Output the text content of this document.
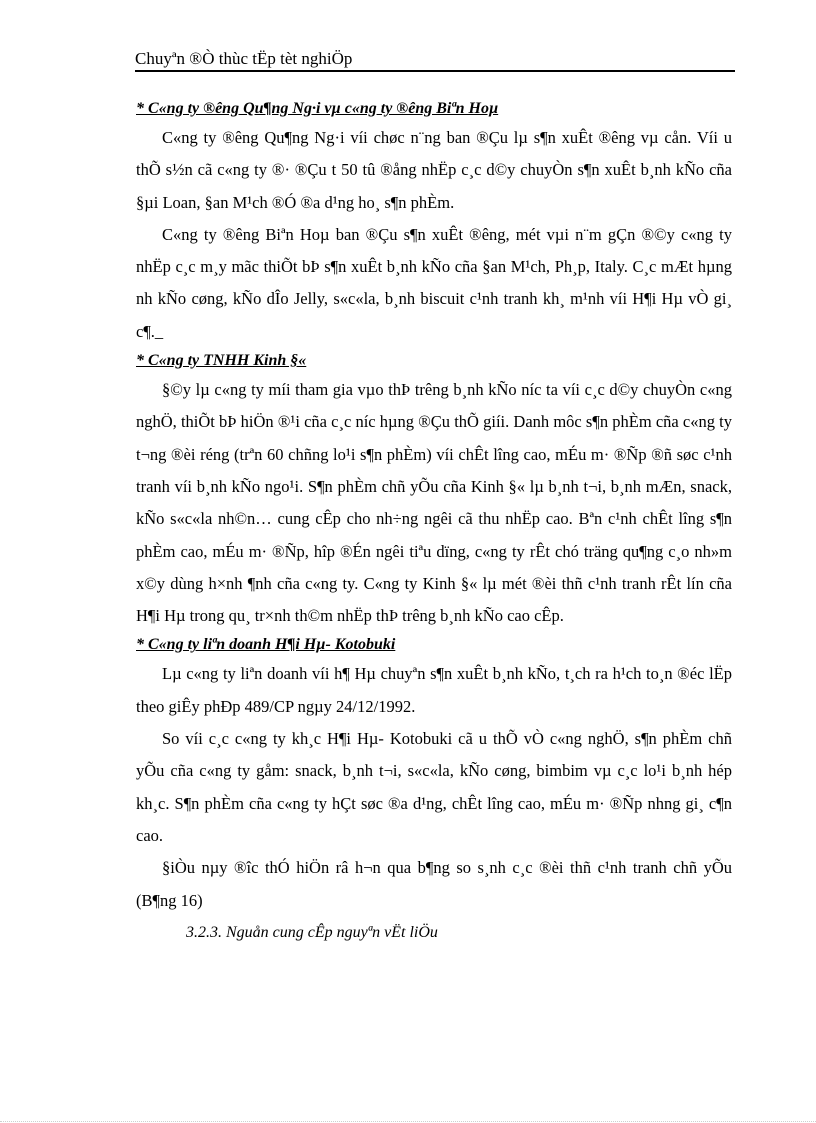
Chuyªn ®Ò thùc tËp tèt nghiÖp
* C«ng ty ®êng Qu¶ng Ng·i vµ c«ng ty ®êng Biªn Hoµ

C«ng ty ®êng Qu¶ng Ng·i víi chøc n¨ng ban ®Çu lµ s¶n xuÊt ®êng vµ cån. Víi u thÕ s½n cã c«ng ty ®· ®Çu t 50 tû ®ång nhËp c¸c d©y chuyÒn s¶n xuÊt b¸nh kÑo cña §µi Loan, §an M¹ch ®Ó ®a d¹ng ho¸ s¶n phÈm.

C«ng ty ®êng Biªn Hoµ ban ®Çu s¶n xuÊt ®êng, mét vµi n¨m gÇn ®©y c«ng ty nhËp c¸c m¸y mãc thiÕt bÞ s¶n xuÊt b¸nh kÑo cña §an M¹ch, Ph¸p, Italy. C¸c mÆt hµng nh kÑo cøng, kÑo dÎo Jelly, s«c«la, b¸nh biscuit c¹nh tranh kh¸ m¹nh víi H¶i Hµ vÒ gi¸ c¶._

* C«ng ty TNHH Kinh §«

§©y lµ c«ng ty míi tham gia vµo thÞ trêng b¸nh kÑo níc ta víi c¸c d©y chuyÒn c«ng nghÖ, thiÕt bÞ hiÖn ®¹i cña c¸c níc hµng ®Çu thÕ giíi. Danh môc s¶n phÈm cña c«ng ty t¬ng ®èi réng (trªn 60 chñng lo¹i s¶n phÈm) víi chÊt lîng cao, mÉu m· ®Ñp ®ñ søc c¹nh tranh víi b¸nh kÑo ngo¹i. S¶n phÈm chñ yÕu cña Kinh §« lµ b¸nh t¬i, b¸nh mÆn, snack, kÑo s«c«la nh©n… cung cÊp cho nh÷ng ngêi cã thu nhËp cao. Bªn c¹nh chÊt lîng s¶n phÈm cao, mÉu m· ®Ñp, hîp ®Én ngêi tiªu dïng, c«ng ty rÊt chó träng qu¶ng c¸o nh»m x©y dùng h×nh ¶nh cña c«ng ty. C«ng ty Kinh §« lµ mét ®èi thñ c¹nh tranh rÊt lín cña H¶i Hµ trong qu¸ tr×nh th©m nhËp thÞ trêng b¸nh kÑo cao cÊp.

* C«ng ty liªn doanh H¶i Hµ- Kotobuki

Lµ c«ng ty liªn doanh víi h¶ Hµ chuyªn s¶n xuÊt b¸nh kÑo, t¸ch ra h¹ch to¸n ®éc lËp theo giÊy phÐp 489/CP ngµy 24/12/1992.

So víi c¸c c«ng ty kh¸c H¶i Hµ- Kotobuki cã u thÕ vÒ c«ng nghÖ, s¶n phÈm chñ yÕu cña c«ng ty gåm: snack, b¸nh t¬i, s«c«la, kÑo cøng, bimbim vµ c¸c lo¹i b¸nh hép kh¸c. S¶n phÈm cña c«ng ty hÇt søc ®a d¹ng, chÊt lîng cao, mÉu m· ®Ñp nhng gi¸ c¶n cao.

§iÒu nµy ®îc thÓ hiÖn râ h¬n qua b¶ng so s¸nh c¸c ®èi thñ c¹nh tranh chñ yÕu (B¶ng 16)

3.2.3. Nguån cung cÊp nguyªn vËt liÖu
